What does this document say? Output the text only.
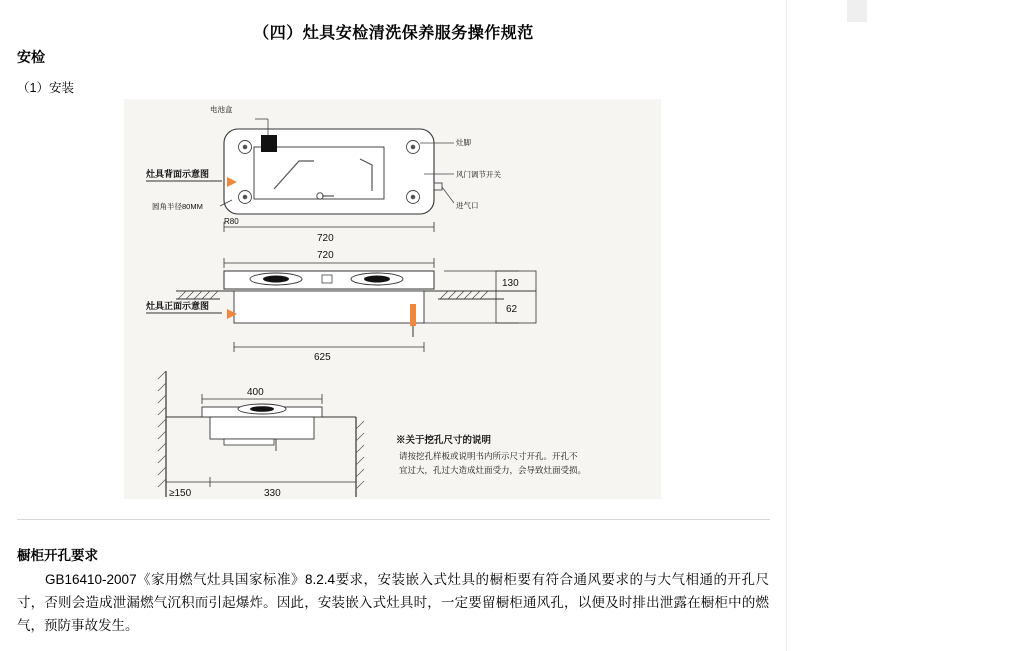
（四）灶具安检清洗保养服务操作规范
安检
（1）安装
电池盒
灶脚
风门调节开关
进气口
圆角半径80MM
R80
灶具背面示意图
720
720
灶具正面示意图
130
62
625
400
≥150	330
※关于挖孔尺寸的说明
请按挖孔样板或说明书内所示尺寸开孔。开孔不
宜过大，孔过大造成灶面受力，会导致灶面受损。
橱柜开孔要求
GB16410-2007《家用燃气灶具国家标准》8.2.4要求，安装嵌入式灶具的橱柜要有符合通风要求的与大气相通的开孔尺寸，否则会造成泄漏燃气沉积而引起爆炸。因此，安装嵌入式灶具时，一定要留橱柜通风孔，以便及时排出泄露在橱柜中的燃气，预防事故发生。
